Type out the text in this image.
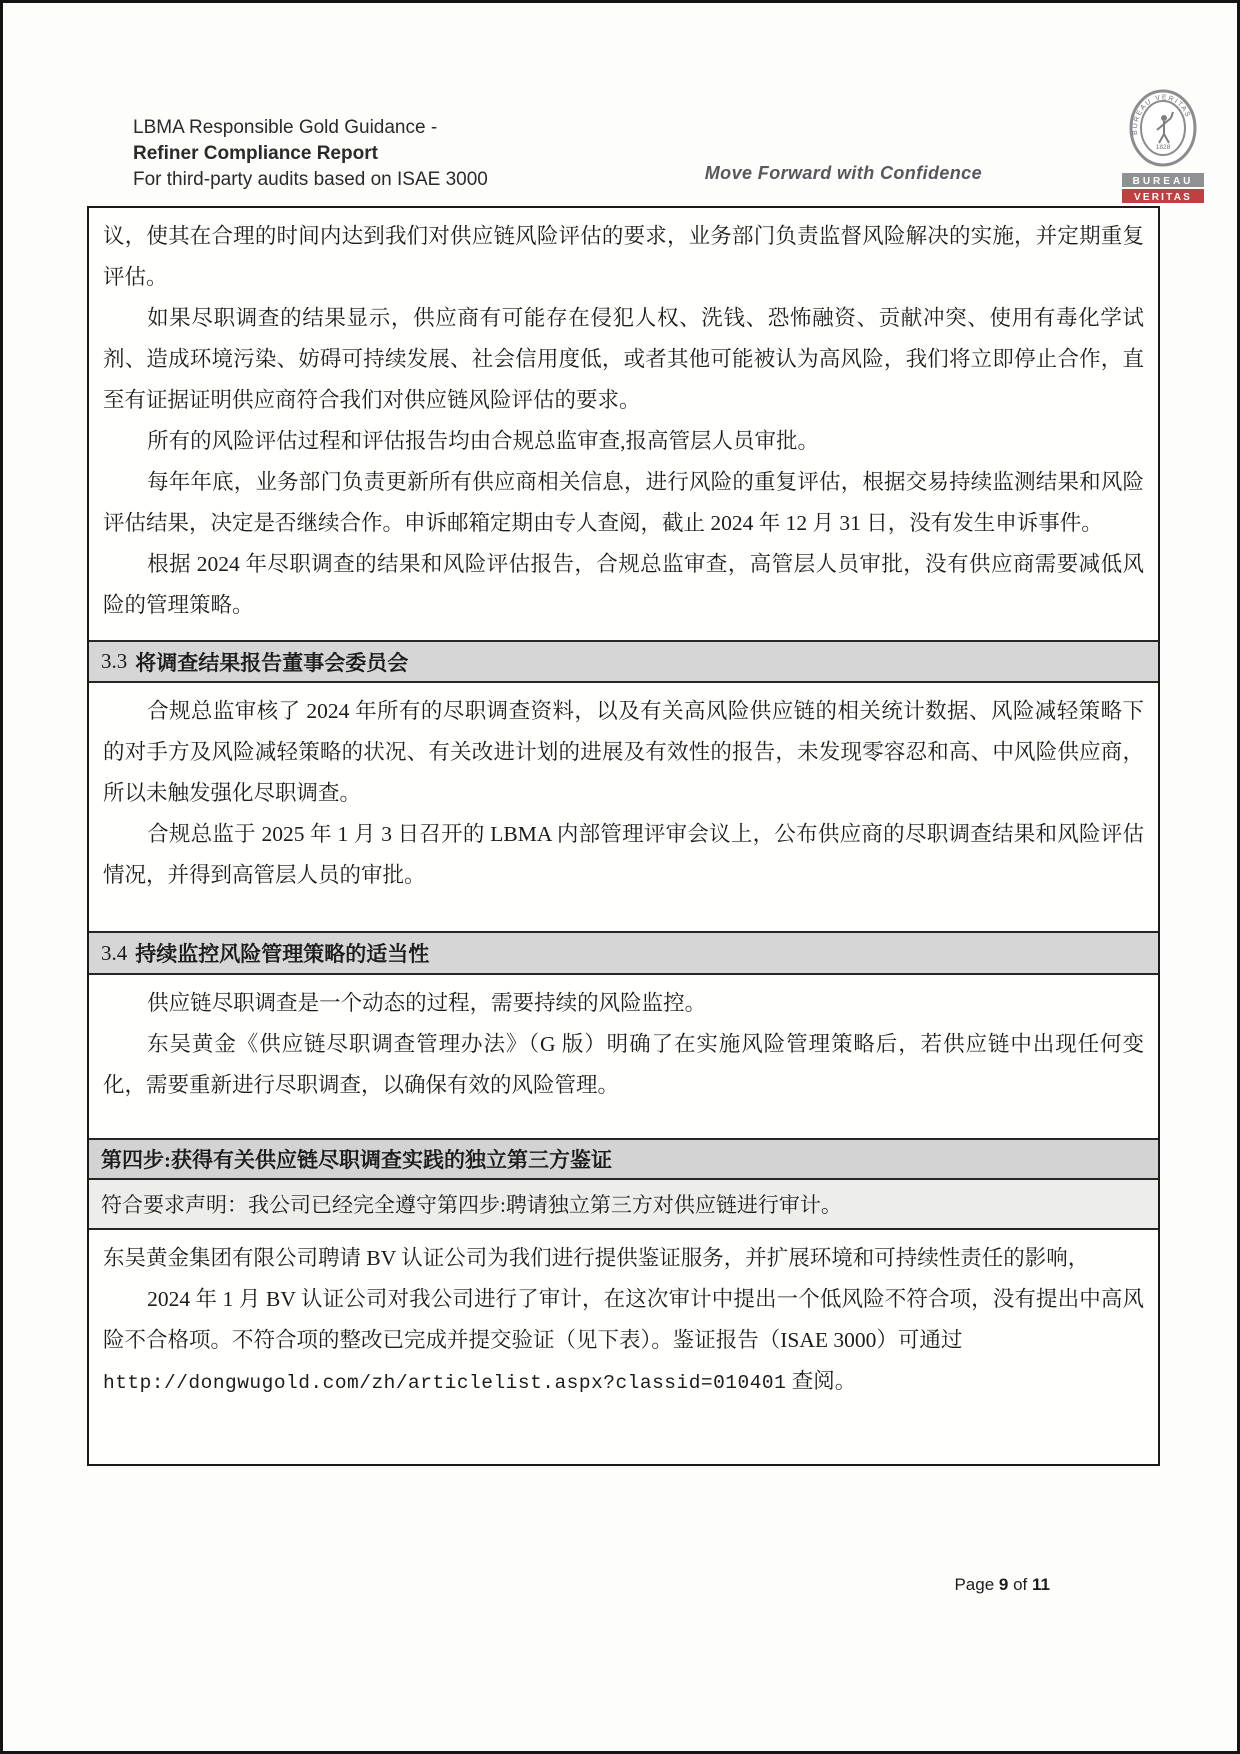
LBMA Responsible Gold Guidance -
Refiner Compliance Report
For third-party audits based on ISAE 3000	Move Forward with Confidence
BUREAU VERITAS
1828
BUREAU
VERITAS

议，使其在合理的时间内达到我们对供应链风险评估的要求，业务部门负责监督风险解决的实施，并定期重复评估。

如果尽职调查的结果显示，供应商有可能存在侵犯人权、洗钱、恐怖融资、贡献冲突、使用有毒化学试剂、造成环境污染、妨碍可持续发展、社会信用度低，或者其他可能被认为高风险，我们将立即停止合作，直至有证据证明供应商符合我们对供应链风险评估的要求。

所有的风险评估过程和评估报告均由合规总监审查,报高管层人员审批。

每年年底，业务部门负责更新所有供应商相关信息，进行风险的重复评估，根据交易持续监测结果和风险评估结果，决定是否继续合作。申诉邮箱定期由专人查阅，截止 2024 年 12 月 31 日，没有发生申诉事件。

根据 2024 年尽职调查的结果和风险评估报告，合规总监审查，高管层人员审批，没有供应商需要减低风险的管理策略。

3.3 将调查结果报告董事会委员会

合规总监审核了 2024 年所有的尽职调查资料，以及有关高风险供应链的相关统计数据、风险减轻策略下的对手方及风险减轻策略的状况、有关改进计划的进展及有效性的报告，未发现零容忍和高、中风险供应商，所以未触发强化尽职调查。

合规总监于 2025 年 1 月 3 日召开的 LBMA 内部管理评审会议上，公布供应商的尽职调查结果和风险评估情况，并得到高管层人员的审批。

3.4 持续监控风险管理策略的适当性

供应链尽职调查是一个动态的过程，需要持续的风险监控。

东吴黄金《供应链尽职调查管理办法》（G 版）明确了在实施风险管理策略后，若供应链中出现任何变化，需要重新进行尽职调查，以确保有效的风险管理。

第四步:获得有关供应链尽职调查实践的独立第三方鉴证
符合要求声明：我公司已经完全遵守第四步:聘请独立第三方对供应链进行审计。

东吴黄金集团有限公司聘请 BV 认证公司为我们进行提供鉴证服务，并扩展环境和可持续性责任的影响，

2024 年 1 月 BV 认证公司对我公司进行了审计，在这次审计中提出一个低风险不符合项，没有提出中高风险不合格项。不符合项的整改已完成并提交验证（见下表）。鉴证报告（ISAE 3000）可通过

http://dongwugold.com/zh/articlelist.aspx?classid=010401 查阅。

Page 9 of 11
